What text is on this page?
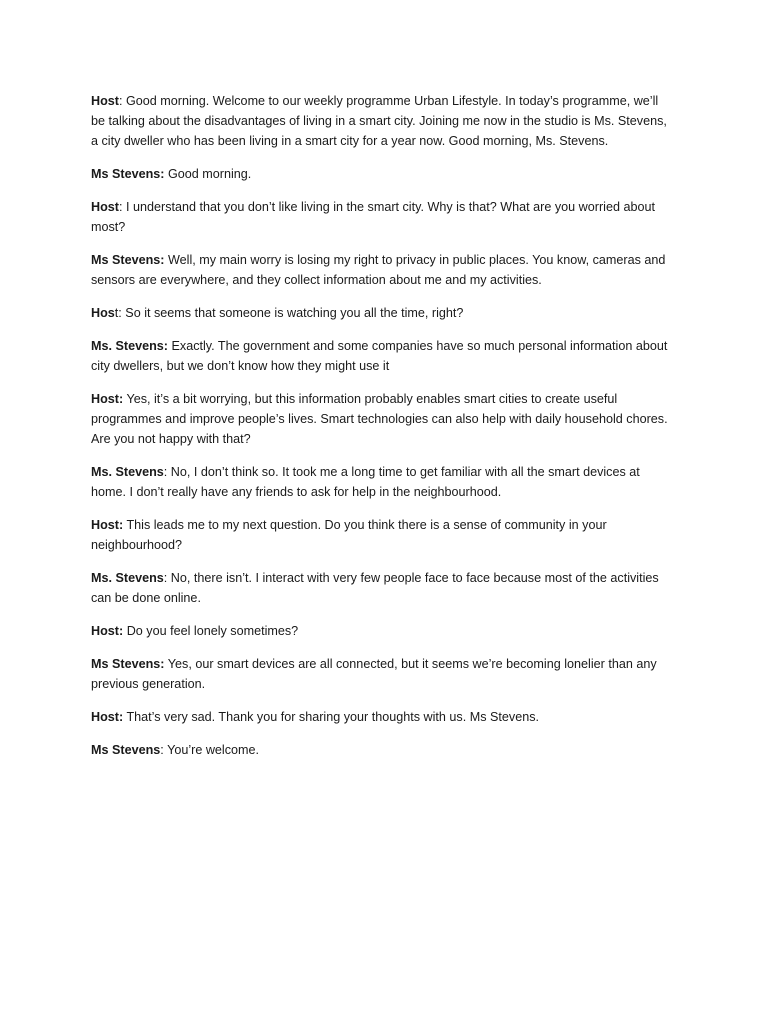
Host: Good morning. Welcome to our weekly programme Urban Lifestyle. In today’s programme, we’ll be talking about the disadvantages of living in a smart city. Joining me now in the studio is Ms. Stevens, a city dweller who has been living in a smart city for a year now. Good morning, Ms. Stevens.

Ms Stevens: Good morning.

Host: I understand that you don’t like living in the smart city. Why is that? What are you worried about most?

Ms Stevens: Well, my main worry is losing my right to privacy in public places. You know, cameras and sensors are everywhere, and they collect information about me and my activities.

Host: So it seems that someone is watching you all the time, right?

Ms. Stevens: Exactly. The government and some companies have so much personal information about city dwellers, but we don’t know how they might use it

Host: Yes, it’s a bit worrying, but this information probably enables smart cities to create useful programmes and improve people’s lives. Smart technologies can also help with daily household chores. Are you not happy with that?

Ms. Stevens: No, I don’t think so. It took me a long time to get familiar with all the smart devices at home. I don’t really have any friends to ask for help in the neighbourhood.

Host: This leads me to my next question. Do you think there is a sense of community in your neighbourhood?

Ms. Stevens: No, there isn’t. I interact with very few people face to face because most of the activities can be done online.

Host: Do you feel lonely sometimes?

Ms Stevens: Yes, our smart devices are all connected, but it seems we’re becoming lonelier than any previous generation.

Host: That’s very sad. Thank you for sharing your thoughts with us. Ms Stevens.

Ms Stevens: You’re welcome.
